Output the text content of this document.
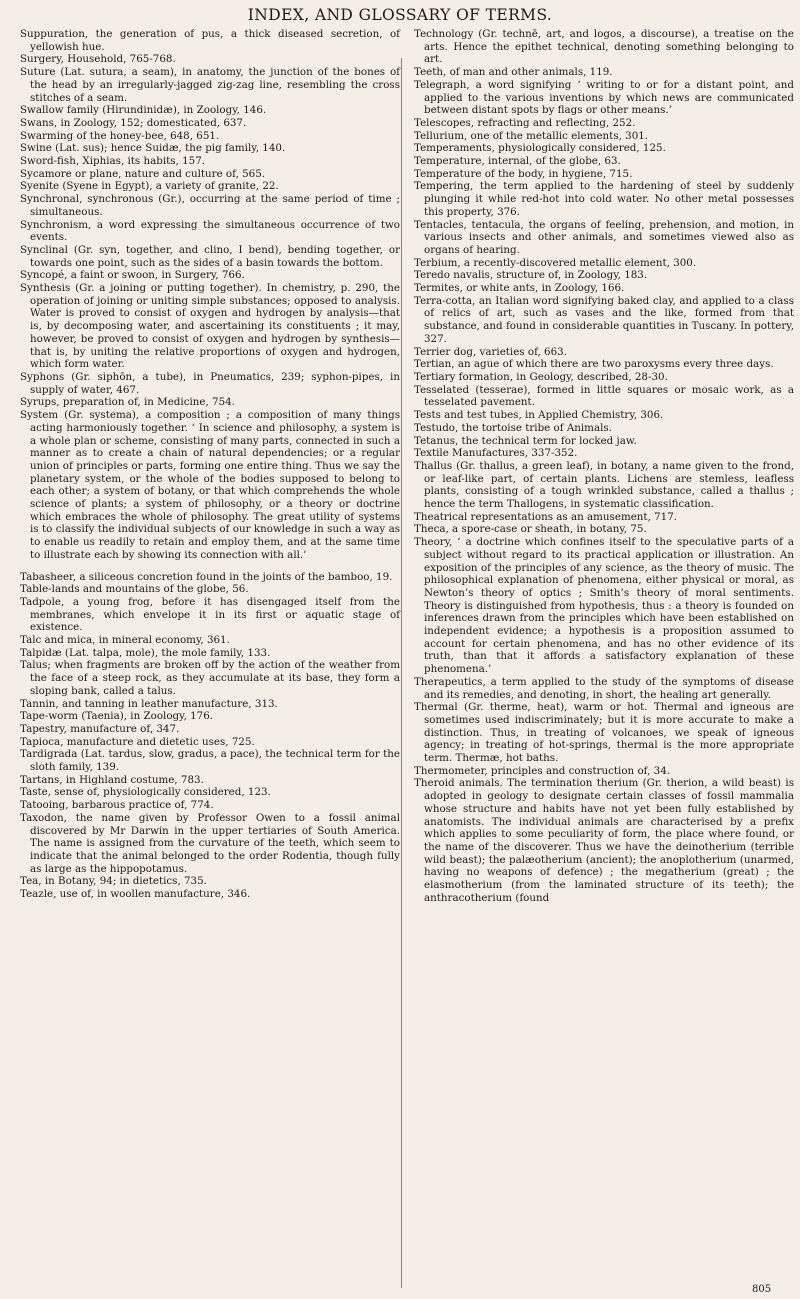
INDEX, AND GLOSSARY OF TERMS.

Suppuration, the generation of pus, a thick diseased secretion, of yellowish hue.

Surgery, Household, 765-768.

Suture (Lat. sutura, a seam), in anatomy, the junction of the bones of the head by an irregularly-jagged zig-zag line, resembling the cross stitches of a seam.

Swallow family (Hirundinidæ), in Zoology, 146.

Swans, in Zoology, 152; domesticated, 637.

Swarming of the honey-bee, 648, 651.

Swine (Lat. sus); hence Suidæ, the pig family, 140.

Sword-fish, Xiphias, its habits, 157.

Sycamore or plane, nature and culture of, 565.

Syenite (Syene in Egypt), a variety of granite, 22.

Synchronal, synchronous (Gr.), occurring at the same period of time ; simultaneous.

Synchronism, a word expressing the simultaneous occurrence of two events.

Synclinal (Gr. syn, together, and clino, I bend), bending together, or towards one point, such as the sides of a basin towards the bottom.

Syncopé, a faint or swoon, in Surgery, 766.

Synthesis (Gr. a joining or putting together). In chemistry, p. 290, the operation of joining or uniting simple substances; opposed to analysis. Water is proved to consist of oxygen and hydrogen by analysis—that is, by decomposing water, and ascertaining its constituents ; it may, however, be proved to consist of oxygen and hydrogen by synthesis—that is, by uniting the relative proportions of oxygen and hydrogen, which form water.

Syphons (Gr. siphōn, a tube), in Pneumatics, 239; syphon-pipes, in supply of water, 467.

Syrups, preparation of, in Medicine, 754.

System (Gr. systema), a composition ; a composition of many things acting harmoniously together. ‘ In science and philosophy, a system is a whole plan or scheme, consisting of many parts, connected in such a manner as to create a chain of natural dependencies; or a regular union of principles or parts, forming one entire thing. Thus we say the planetary system, or the whole of the bodies supposed to belong to each other; a system of botany, or that which comprehends the whole science of plants; a system of philosophy, or a theory or doctrine which embraces the whole of philosophy. The great utility of systems is to classify the individual subjects of our knowledge in such a way as to enable us readily to retain and employ them, and at the same time to illustrate each by showing its connection with all.’

Tabasheer, a siliceous concretion found in the joints of the bamboo, 19.

Table-lands and mountains of the globe, 56.

Tadpole, a young frog, before it has disengaged itself from the membranes, which envelope it in its first or aquatic stage of existence.

Talc and mica, in mineral economy, 361.

Talpidæ (Lat. talpa, mole), the mole family, 133.

Talus; when fragments are broken off by the action of the weather from the face of a steep rock, as they accumulate at its base, they form a sloping bank, called a talus.

Tannin, and tanning in leather manufacture, 313.

Tape-worm (Taenia), in Zoology, 176.

Tapestry, manufacture of, 347.

Tapioca, manufacture and dietetic uses, 725.

Tardigrada (Lat. tardus, slow, gradus, a pace), the technical term for the sloth family, 139.

Tartans, in Highland costume, 783.

Taste, sense of, physiologically considered, 123.

Tatooing, barbarous practice of, 774.

Taxodon, the name given by Professor Owen to a fossil animal discovered by Mr Darwin in the upper tertiaries of South America. The name is assigned from the curvature of the teeth, which seem to indicate that the animal belonged to the order Rodentia, though fully as large as the hippopotamus.

Tea, in Botany, 94; in dietetics, 735.

Teazle, use of, in woollen manufacture, 346.

Technology (Gr. technē, art, and logos, a discourse), a treatise on the arts. Hence the epithet technical, denoting something belonging to art.

Teeth, of man and other animals, 119.

Telegraph, a word signifying ‘ writing to or for a distant point, and applied to the various inventions by which news are communicated between distant spots by flags or other means.’

Telescopes, refracting and reflecting, 252.

Tellurium, one of the metallic elements, 301.

Temperaments, physiologically considered, 125.

Temperature, internal, of the globe, 63.

Temperature of the body, in hygiene, 715.

Tempering, the term applied to the hardening of steel by suddenly plunging it while red-hot into cold water. No other metal possesses this property, 376.

Tentacles, tentacula, the organs of feeling, prehension, and motion, in various insects and other animals, and sometimes viewed also as organs of hearing.

Terbium, a recently-discovered metallic element, 300.

Teredo navalis, structure of, in Zoology, 183.

Termites, or white ants, in Zoology, 166.

Terra-cotta, an Italian word signifying baked clay, and applied to a class of relics of art, such as vases and the like, formed from that substance, and found in considerable quantities in Tuscany. In pottery, 327.

Terrier dog, varieties of, 663.

Tertian, an ague of which there are two paroxysms every three days.

Tertiary formation, in Geology, described, 28-30.

Tesselated (tesserae), formed in little squares or mosaic work, as a tesselated pavement.

Tests and test tubes, in Applied Chemistry, 306.

Testudo, the tortoise tribe of Animals.

Tetanus, the technical term for locked jaw.

Textile Manufactures, 337-352.

Thallus (Gr. thallus, a green leaf), in botany, a name given to the frond, or leaf-like part, of certain plants. Lichens are stemless, leafless plants, consisting of a tough wrinkled substance, called a thallus ; hence the term Thallogens, in systematic classification.

Theatrical representations as an amusement, 717.

Theca, a spore-case or sheath, in botany, 75.

Theory, ‘ a doctrine which confines itself to the speculative parts of a subject without regard to its practical application or illustration. An exposition of the principles of any science, as the theory of music. The philosophical explanation of phenomena, either physical or moral, as Newton’s theory of optics ; Smith’s theory of moral sentiments. Theory is distinguished from hypothesis, thus : a theory is founded on inferences drawn from the principles which have been established on independent evidence; a hypothesis is a proposition assumed to account for certain phenomena, and has no other evidence of its truth, than that it affords a satisfactory explanation of these phenomena.’

Therapeutics, a term applied to the study of the symptoms of disease and its remedies, and denoting, in short, the healing art generally.

Thermal (Gr. therme, heat), warm or hot. Thermal and igneous are sometimes used indiscriminately; but it is more accurate to make a distinction. Thus, in treating of volcanoes, we speak of igneous agency; in treating of hot-springs, thermal is the more appropriate term. Thermæ, hot baths.

Thermometer, principles and construction of, 34.

Theroid animals. The termination therium (Gr. therion, a wild beast) is adopted in geology to designate certain classes of fossil mammalia whose structure and habits have not yet been fully established by anatomists. The individual animals are characterised by a prefix which applies to some peculiarity of form, the place where found, or the name of the discoverer. Thus we have the deinotherium (terrible wild beast); the palæotherium (ancient); the anoplotherium (unarmed, having no weapons of defence) ; the megatherium (great) ; the elasmotherium (from the laminated structure of its teeth); the anthracotherium (found

805
